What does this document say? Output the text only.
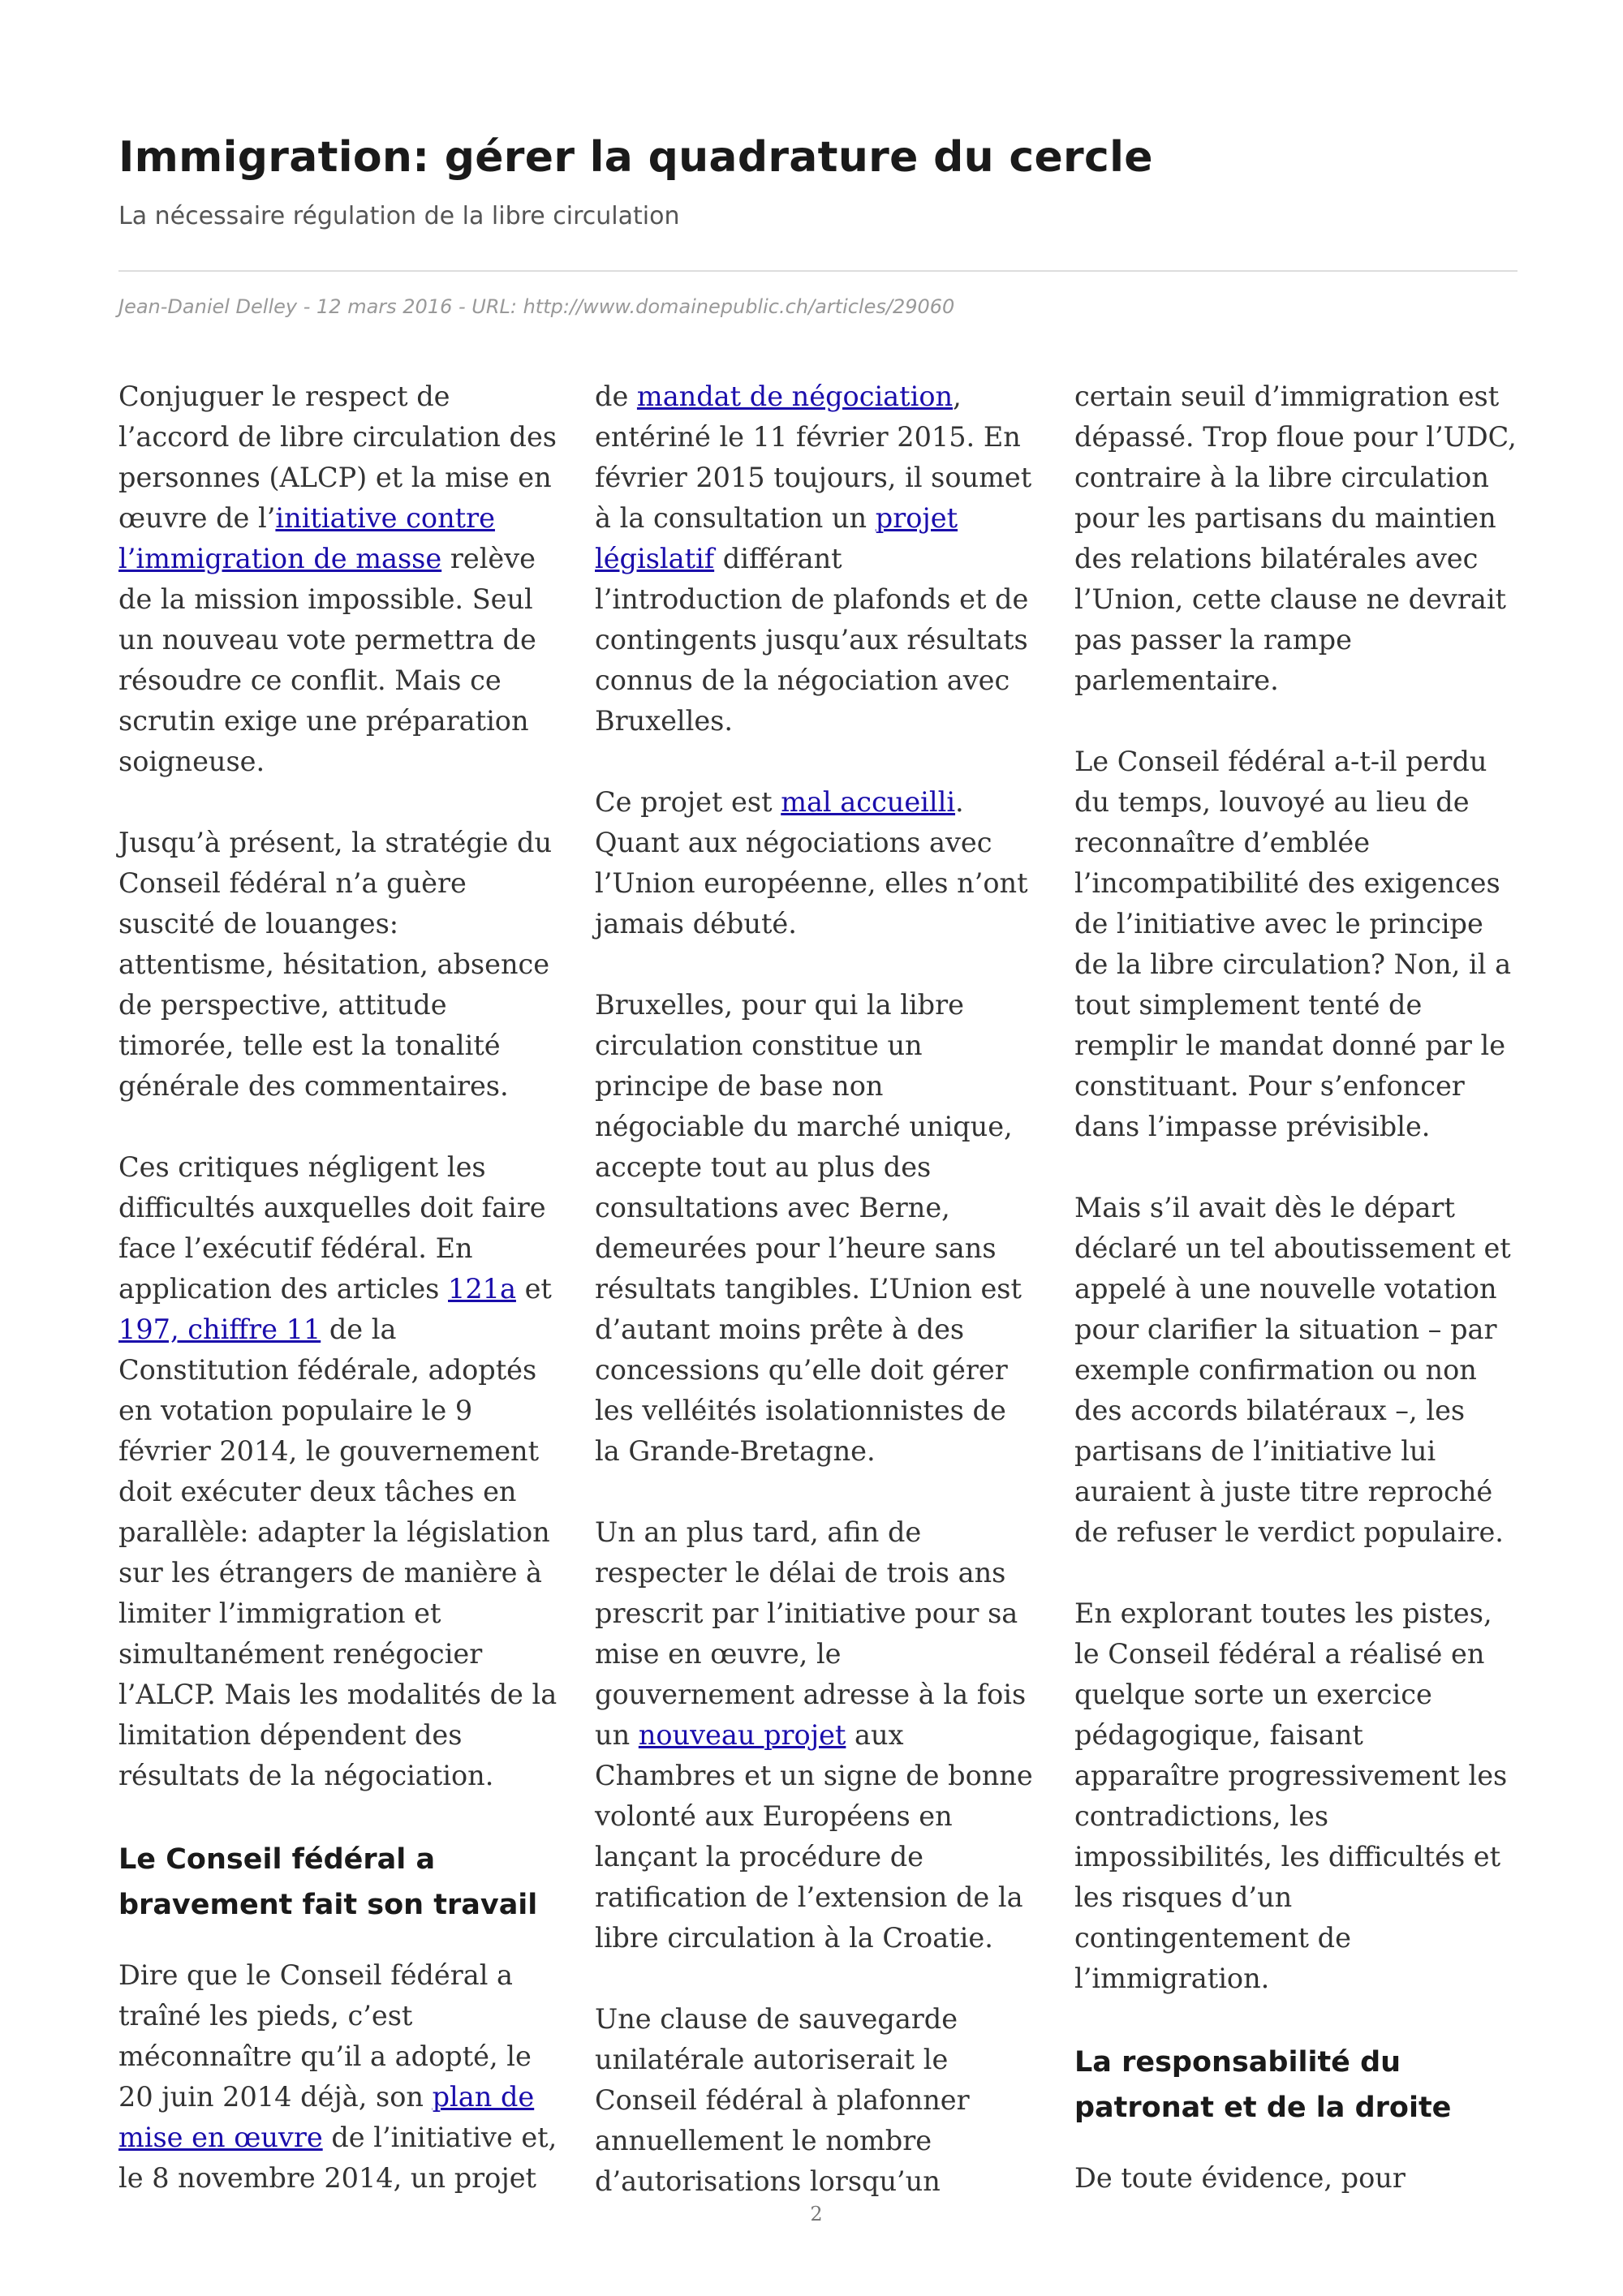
Immigration: gérer la quadrature du cercle

La nécessaire régulation de la libre circulation

Jean-Daniel Delley - 12 mars 2016 - URL: http://www.domainepublic.ch/articles/29060

Conjuguer le respect de l’accord de libre circulation des personnes (ALCP) et la mise en œuvre de l’initiative contre l’immigration de masse relève de la mission impossible. Seul un nouveau vote permettra de résoudre ce conflit. Mais ce scrutin exige une préparation soigneuse.

Jusqu’à présent, la stratégie du Conseil fédéral n’a guère suscité de louanges: attentisme, hésitation, absence de perspective, attitude timorée, telle est la tonalité générale des commentaires.

Ces critiques négligent les difficultés auxquelles doit faire face l’exécutif fédéral. En application des articles 121a et 197, chiffre 11 de la Constitution fédérale, adoptés en votation populaire le 9 février 2014, le gouvernement doit exécuter deux tâches en parallèle: adapter la législation sur les étrangers de manière à limiter l’immigration et simultanément renégocier l’ALCP. Mais les modalités de la limitation dépendent des résultats de la négociation.

Le Conseil fédéral a bravement fait son travail

Dire que le Conseil fédéral a traîné les pieds, c’est méconnaître qu’il a adopté, le 20 juin 2014 déjà, son plan de mise en œuvre de l’initiative et, le 8 novembre 2014, un projet

de mandat de négociation, entériné le 11 février 2015. En février 2015 toujours, il soumet à la consultation un projet législatif différant l’introduction de plafonds et de contingents jusqu’aux résultats connus de la négociation avec Bruxelles.

Ce projet est mal accueilli. Quant aux négociations avec l’Union européenne, elles n’ont jamais débuté.

Bruxelles, pour qui la libre circulation constitue un principe de base non négociable du marché unique, accepte tout au plus des consultations avec Berne, demeurées pour l’heure sans résultats tangibles. L’Union est d’autant moins prête à des concessions qu’elle doit gérer les velléités isolationnistes de la Grande-Bretagne.

Un an plus tard, afin de respecter le délai de trois ans prescrit par l’initiative pour sa mise en œuvre, le gouvernement adresse à la fois un nouveau projet aux Chambres et un signe de bonne volonté aux Européens en lançant la procédure de ratification de l’extension de la libre circulation à la Croatie.

Une clause de sauvegarde unilatérale autoriserait le Conseil fédéral à plafonner annuellement le nombre d’autorisations lorsqu’un

certain seuil d’immigration est dépassé. Trop floue pour l’UDC, contraire à la libre circulation pour les partisans du maintien des relations bilatérales avec l’Union, cette clause ne devrait pas passer la rampe parlementaire.

Le Conseil fédéral a-t-il perdu du temps, louvoyé au lieu de reconnaître d’emblée l’incompatibilité des exigences de l’initiative avec le principe de la libre circulation? Non, il a tout simplement tenté de remplir le mandat donné par le constituant. Pour s’enfoncer dans l’impasse prévisible.

Mais s’il avait dès le départ déclaré un tel aboutissement et appelé à une nouvelle votation pour clarifier la situation – par exemple confirmation ou non des accords bilatéraux –, les partisans de l’initiative lui auraient à juste titre reproché de refuser le verdict populaire.

En explorant toutes les pistes, le Conseil fédéral a réalisé en quelque sorte un exercice pédagogique, faisant apparaître progressivement les contradictions, les impossibilités, les difficultés et les risques d’un contingentement de l’immigration.

La responsabilité du patronat et de la droite

De toute évidence, pour

2
